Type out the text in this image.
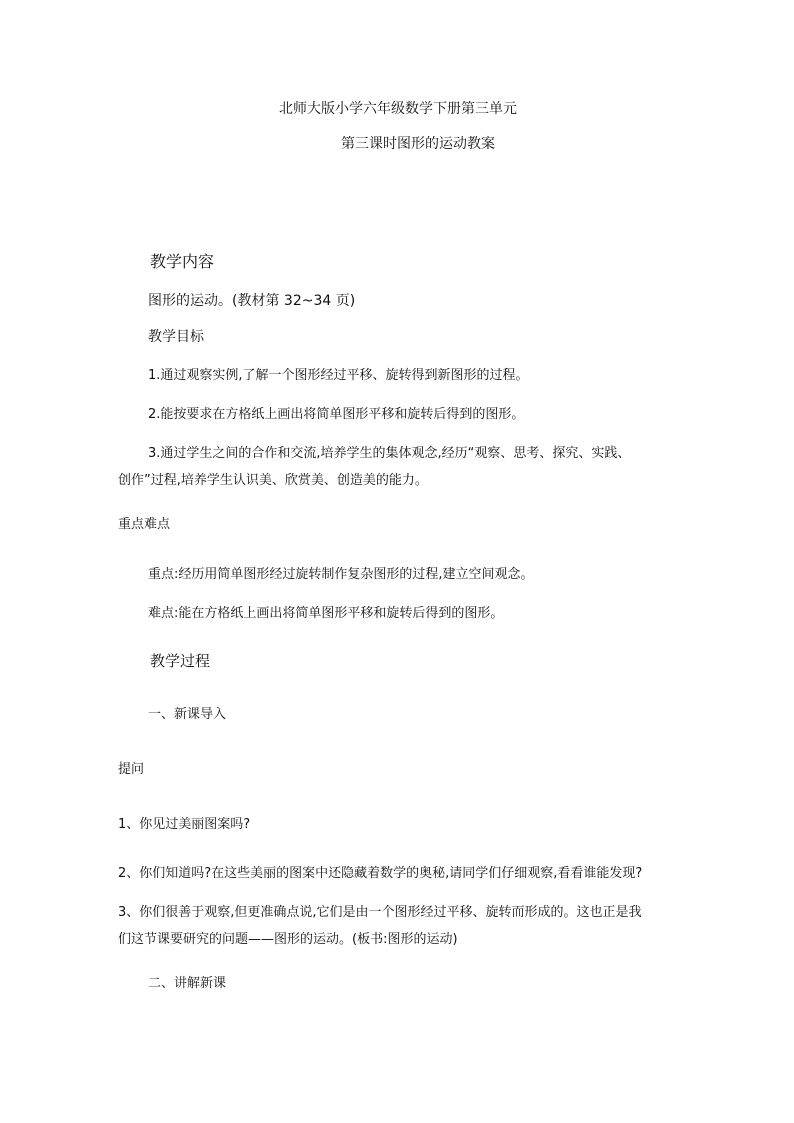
北师大版小学六年级数学下册第三单元
第三课时图形的运动教案
教学内容
图形的运动。(教材第 32~34 页)
教学目标
1.通过观察实例,了解一个图形经过平移、旋转得到新图形的过程。
2.能按要求在方格纸上画出将简单图形平移和旋转后得到的图形。
3.通过学生之间的合作和交流,培养学生的集体观念,经历“观察、思考、探究、实践、
创作”过程,培养学生认识美、欣赏美、创造美的能力。
重点难点
重点:经历用简单图形经过旋转制作复杂图形的过程,建立空间观念。
难点:能在方格纸上画出将简单图形平移和旋转后得到的图形。
教学过程
一、新课导入
提问
1、你见过美丽图案吗?
2、你们知道吗?在这些美丽的图案中还隐藏着数学的奥秘,请同学们仔细观察,看看谁能发现?
3、你们很善于观察,但更准确点说,它们是由一个图形经过平移、旋转而形成的。这也正是我
们这节课要研究的问题——图形的运动。(板书:图形的运动)
二、讲解新课
